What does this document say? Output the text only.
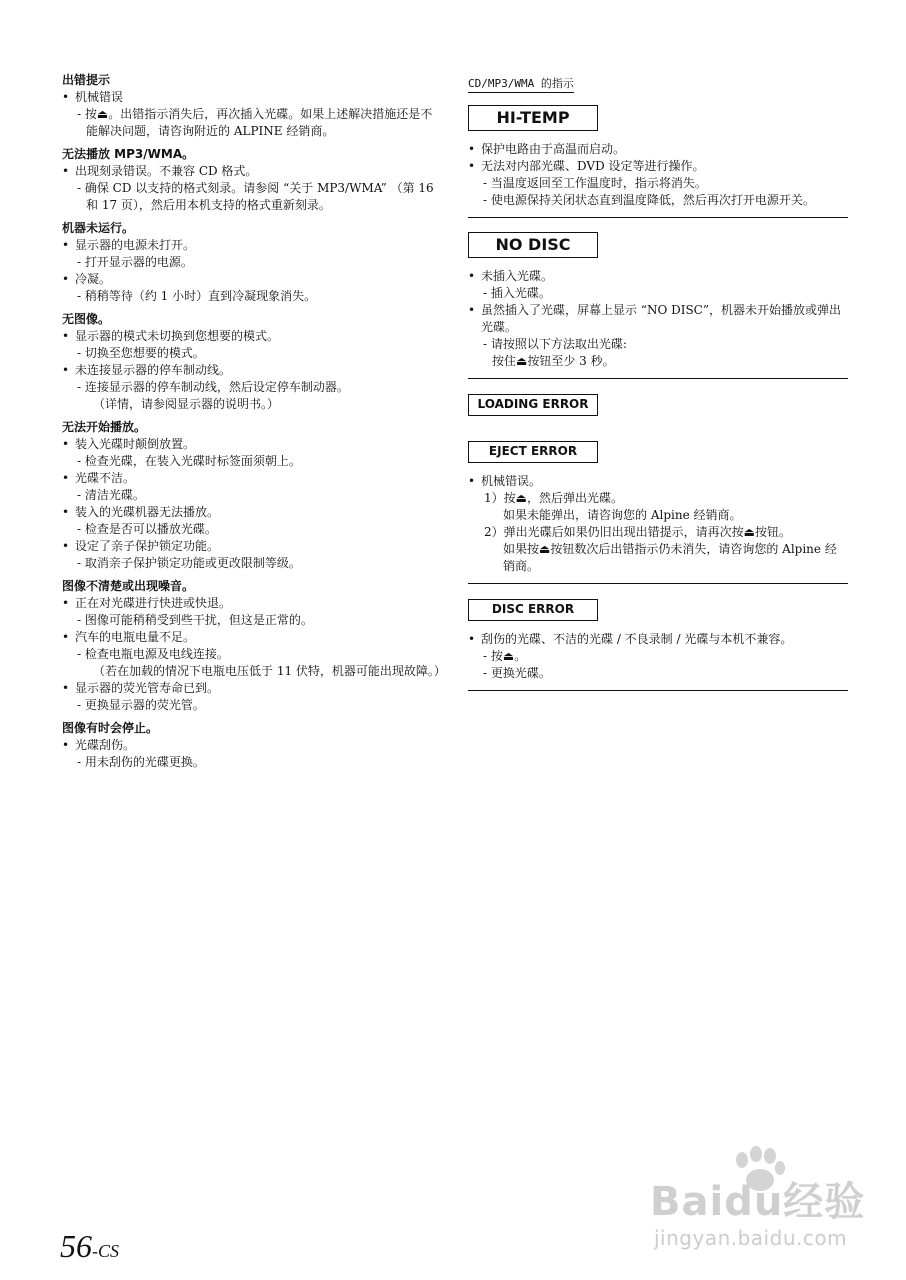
出错提示
• 机械错误
- 按⏏。出错指示消失后，再次插入光碟。如果上述解决措施还是不能解决问题，请咨询附近的 ALPINE 经销商。
无法播放 MP3/WMA。
• 出现刻录错误。不兼容 CD 格式。
- 确保 CD 以支持的格式刻录。请参阅 “关于 MP3/WMA” （第 16 和 17 页），然后用本机支持的格式重新刻录。
机器未运行。
• 显示器的电源未打开。
- 打开显示器的电源。
• 冷凝。
- 稍稍等待（约 1 小时）直到冷凝现象消失。
无图像。
• 显示器的模式未切换到您想要的模式。
- 切换至您想要的模式。
• 未连接显示器的停车制动线。
- 连接显示器的停车制动线，然后设定停车制动器。
（详情，请参阅显示器的说明书。）
无法开始播放。
• 装入光碟时颠倒放置。
- 检查光碟，在装入光碟时标签面须朝上。
• 光碟不洁。
- 清洁光碟。
• 装入的光碟机器无法播放。
- 检查是否可以播放光碟。
• 设定了亲子保护锁定功能。
- 取消亲子保护锁定功能或更改限制等级。
图像不清楚或出现噪音。
• 正在对光碟进行快进或快退。
- 图像可能稍稍受到些干扰，但这是正常的。
• 汽车的电瓶电量不足。
- 检查电瓶电源及电线连接。
（若在加载的情况下电瓶电压低于 11 伏特，机器可能出现故障。）
• 显示器的荧光管寿命已到。
- 更换显示器的荧光管。
图像有时会停止。
• 光碟刮伤。
- 用未刮伤的光碟更换。
CD/MP3/WMA 的指示
HI-TEMP
• 保护电路由于高温而启动。
• 无法对内部光碟、DVD 设定等进行操作。
- 当温度返回至工作温度时，指示将消失。
- 使电源保持关闭状态直到温度降低，然后再次打开电源开关。
NO DISC
• 未插入光碟。
- 插入光碟。
• 虽然插入了光碟，屏幕上显示 “NO DISC”，机器未开始播放或弹出光碟。
- 请按照以下方法取出光碟:
按住⏏按钮至少 3 秒。
LOADING ERROR
EJECT ERROR
• 机械错误。
1）按⏏，然后弹出光碟。
如果未能弹出，请咨询您的 Alpine 经销商。
2）弹出光碟后如果仍旧出现出错提示，请再次按⏏按钮。
如果按⏏按钮数次后出错指示仍未消失，请咨询您的 Alpine 经销商。
DISC ERROR
• 刮伤的光碟、不洁的光碟 / 不良录制 / 光碟与本机不兼容。
- 按⏏。
- 更换光碟。
56-CS
Baidu经验
jingyan.baidu.com
